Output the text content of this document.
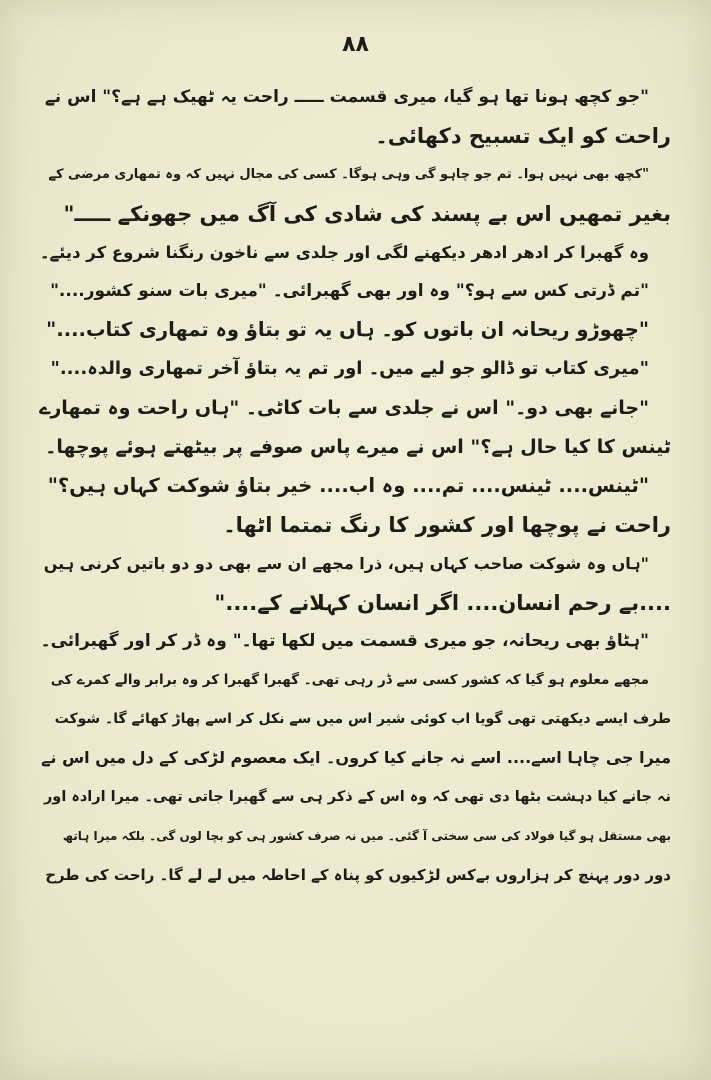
۸۸
"جو کچھ ہونا تھا ہو گیا، میری قسمت ـــــ راحت یہ ٹھیک ہے ہے؟" اس نے
راحت کو ایک تسبیح دکھائی۔
"کچھ بھی نہیں ہوا۔ تم جو چاہو گی وہی ہوگا۔ کسی کی مجال نہیں کہ وہ تمھاری مرضی کے
بغیر تمھیں اس بے پسند کی شادی کی آگ میں جھونکے ـــــ"
وہ گھبرا کر ادھر ادھر دیکھنے لگی اور جلدی سے ناخون رنگنا شروع کر دیئے۔
"تم ڈرتی کس سے ہو؟" وہ اور بھی گھبرائی۔ "میری بات سنو کشور...."
"چھوڑو ریحانہ ان باتوں کو۔ ہاں یہ تو بتاؤ وہ تمھاری کتاب...."
"میری کتاب تو ڈالو جو لیے میں۔ اور تم یہ بتاؤ آخر تمھاری والدہ...."
"جانے بھی دو۔" اس نے جلدی سے بات کاٹی۔ "ہاں راحت وہ تمھارے
ٹینس کا کیا حال ہے؟" اس نے میرے پاس صوفے پر بیٹھتے ہوئے پوچھا۔
"ٹینس.... ٹینس.... تم.... وہ اب.... خیر بتاؤ شوکت کہاں ہیں؟"
راحت نے پوچھا اور کشور کا رنگ تمتما اٹھا۔
"ہاں وہ شوکت صاحب کہاں ہیں، ذرا مجھے ان سے بھی دو دو باتیں کرنی ہیں
....بے رحم انسان.... اگر انسان کہلانے کے...."
"ہٹاؤ بھی ریحانہ، جو میری قسمت میں لکھا تھا۔" وہ ڈر کر اور گھبرائی۔
مجھے معلوم ہو گیا کہ کشور کسی سے ڈر رہی تھی۔ گھبرا گھبرا کر وہ برابر والے کمرے کی
طرف ایسے دیکھتی تھی گویا اب کوئی شیر اس میں سے نکل کر اسے پھاڑ کھائے گا۔ شوکت
میرا جی چاہا اسے.... اسے نہ جانے کیا کروں۔ ایک معصوم لڑکی کے دل میں اس نے
نہ جانے کیا دہشت بٹھا دی تھی کہ وہ اس کے ذکر ہی سے گھبرا جاتی تھی۔ میرا ارادہ اور
بھی مستقل ہو گیا فولاد کی سی سختی آ گئی۔ میں نہ صرف کشور ہی کو بچا لوں گی۔ بلکہ میرا ہاتھ
دور دور پہنچ کر ہزاروں بےکس لڑکیوں کو پناہ کے احاطہ میں لے لے گا۔ راحت کی طرح
